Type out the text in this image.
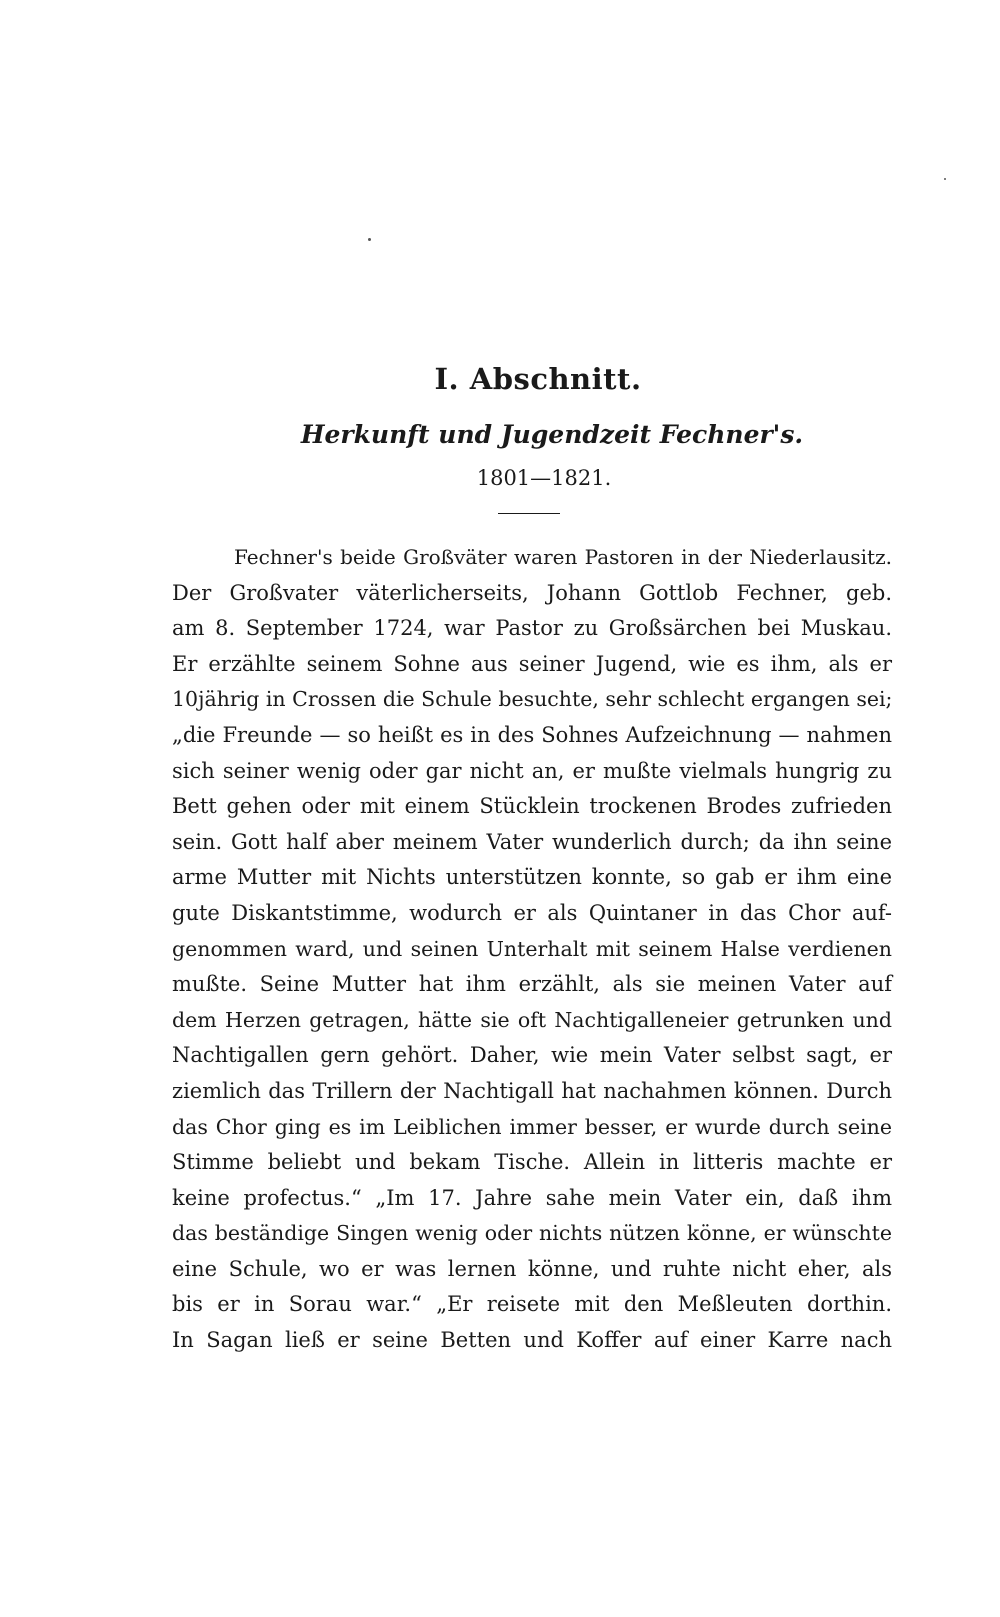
I. Abschnitt.
Herkunft und Jugendzeit Fechner's.
1801—1821.
Fechner's beide Großväter waren Pastoren in der Niederlausitz.
Der Großvater väterlicherseits, Johann Gottlob Fechner, geb.
am 8. September 1724, war Pastor zu Großsärchen bei Muskau.
Er erzählte seinem Sohne aus seiner Jugend, wie es ihm, als er
10jährig in Crossen die Schule besuchte, sehr schlecht ergangen sei;
„die Freunde — so heißt es in des Sohnes Aufzeichnung — nahmen
sich seiner wenig oder gar nicht an, er mußte vielmals hungrig zu
Bett gehen oder mit einem Stücklein trockenen Brodes zufrieden
sein. Gott half aber meinem Vater wunderlich durch; da ihn seine
arme Mutter mit Nichts unterstützen konnte, so gab er ihm eine
gute Diskantstimme, wodurch er als Quintaner in das Chor auf-
genommen ward, und seinen Unterhalt mit seinem Halse verdienen
mußte. Seine Mutter hat ihm erzählt, als sie meinen Vater auf
dem Herzen getragen, hätte sie oft Nachtigalleneier getrunken und
Nachtigallen gern gehört. Daher, wie mein Vater selbst sagt, er
ziemlich das Trillern der Nachtigall hat nachahmen können. Durch
das Chor ging es im Leiblichen immer besser, er wurde durch seine
Stimme beliebt und bekam Tische. Allein in litteris machte er
keine profectus.“ „Im 17. Jahre sahe mein Vater ein, daß ihm
das beständige Singen wenig oder nichts nützen könne, er wünschte
eine Schule, wo er was lernen könne, und ruhte nicht eher, als
bis er in Sorau war.“ „Er reisete mit den Meßleuten dorthin.
In Sagan ließ er seine Betten und Koffer auf einer Karre nach
